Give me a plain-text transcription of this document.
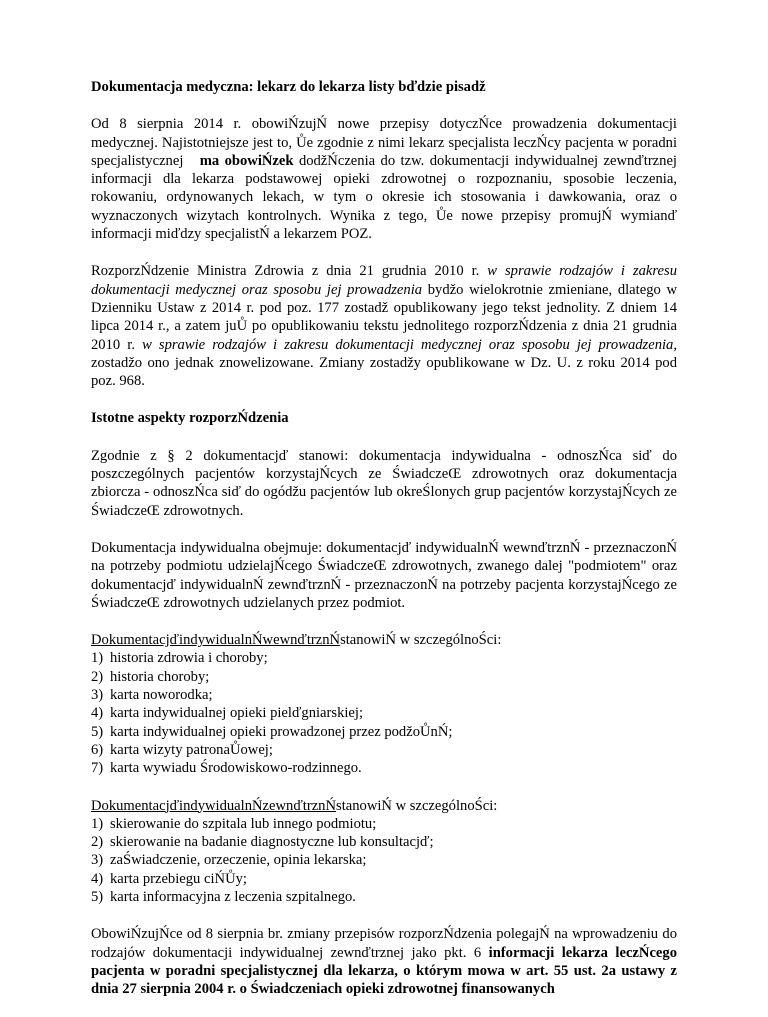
Dokumentacja medyczna: lekarz do lekarza listy bďdzie pisaǆ

Od 8 sierpnia 2014 r. obowiŃzujŃ nowe przepisy dotyczŃce prowadzenia dokumentacji medycznej. Najistotniejsze jest to, Ůe zgodnie z nimi lekarz specjalista leczŃcy pacjenta w poradni specjalistycznej ma obowiŃzek doǆŃczenia do tzw. dokumentacji indywidualnej zewnďtrznej informacji dla lekarza podstawowej opieki zdrowotnej o rozpoznaniu, sposobie leczenia, rokowaniu, ordynowanych lekach, w tym o okresie ich stosowania i dawkowania, oraz o wyznaczonych wizytach kontrolnych. Wynika z tego, Ůe nowe przepisy promujŃ wymianď informacji miďdzy specjalistŃ a lekarzem POZ.

RozporzŃdzenie Ministra Zdrowia z dnia 21 grudnia 2010 r. w sprawie rodzajów i zakresu dokumentacji medycznej oraz sposobu jej prowadzenia byǆo wielokrotnie zmieniane, dlatego w Dzienniku Ustaw z 2014 r. pod poz. 177 zostaǆ opublikowany jego tekst jednolity. Z dniem 14 lipca 2014 r., a zatem juŮ po opublikowaniu tekstu jednolitego rozporzŃdzenia z dnia 21 grudnia 2010 r. w sprawie rodzajów i zakresu dokumentacji medycznej oraz sposobu jej prowadzenia, zostaǆo ono jednak znowelizowane. Zmiany zostaǆy opublikowane w Dz. U. z roku 2014 pod poz. 968.

Istotne aspekty rozporzŃdzenia

Zgodnie z § 2 dokumentacjď stanowi: dokumentacja indywidualna - odnoszŃca siď do poszczególnych pacjentów korzystajŃcych ze ŚwiadczeŒ zdrowotnych oraz dokumentacja zbiorcza - odnoszŃca siď do ogóǆu pacjentów lub okreŚlonych grup pacjentów korzystajŃcych ze ŚwiadczeŒ zdrowotnych.

Dokumentacja indywidualna obejmuje: dokumentacjď indywidualnŃ wewnďtrznŃ - przeznaczonŃ na potrzeby podmiotu udzielajŃcego ŚwiadczeŒ zdrowotnych, zwanego dalej "podmiotem" oraz dokumentacjď indywidualnŃ zewnďtrznŃ - przeznaczonŃ na potrzeby pacjenta korzystajŃcego ze ŚwiadczeŒ zdrowotnych udzielanych przez podmiot.

DokumentacjďindywidualnŃwewnďtrznŃstanowiŃ w szczególnoŚci:
1) historia zdrowia i choroby;
2) historia choroby;
3) karta noworodka;
4) karta indywidualnej opieki pielďgniarskiej;
5) karta indywidualnej opieki prowadzonej przez poǆoŮnŃ;
6) karta wizyty patronaŮowej;
7) karta wywiadu Środowiskowo-rodzinnego.
DokumentacjďindywidualnŃzewnďtrznŃstanowiŃ w szczególnoŚci:
1) skierowanie do szpitala lub innego podmiotu;
2) skierowanie na badanie diagnostyczne lub konsultacjď;
3) zaŚwiadczenie, orzeczenie, opinia lekarska;
4) karta przebiegu ciŃŮy;
5) karta informacyjna z leczenia szpitalnego.

ObowiŃzujŃce od 8 sierpnia br. zmiany przepisów rozporzŃdzenia polegajŃ na wprowadzeniu do rodzajów dokumentacji indywidualnej zewnďtrznej jako pkt. 6 informacji lekarza leczŃcego pacjenta w poradni specjalistycznej dla lekarza, o którym mowa w art. 55 ust. 2a ustawy z dnia 27 sierpnia 2004 r. o Świadczeniach opieki zdrowotnej finansowanych
